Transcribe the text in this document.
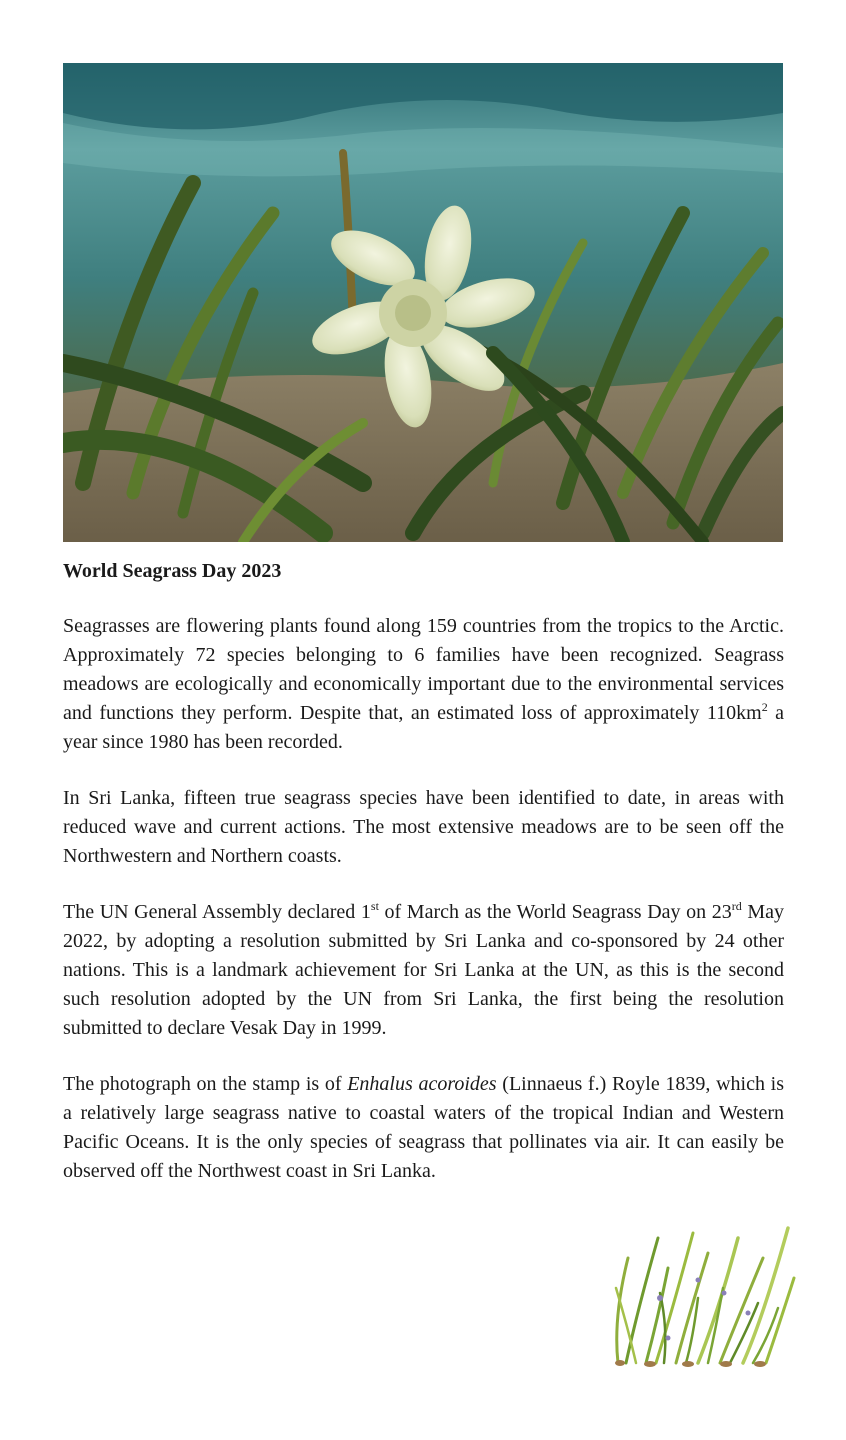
World Seagrass Day 2023

Seagrasses are flowering plants found along 159 countries from the tropics to the Arctic. Approximately 72 species belonging to 6 families have been recognized. Seagrass meadows are ecologically and economically important due to the environmental services and functions they perform. Despite that, an estimated loss of approximately $110km^2$ a year since 1980 has been recorded.

In Sri Lanka, fifteen true seagrass species have been identified to date, in areas with reduced wave and current actions. The most extensive meadows are to be seen off the Northwestern and Northern coasts.

The UN General Assembly declared 1st of March as the World Seagrass Day on 23rd May 2022, by adopting a resolution submitted by Sri Lanka and co-sponsored by 24 other nations. This is a landmark achievement for Sri Lanka at the UN, as this is the second such resolution adopted by the UN from Sri Lanka, the first being the resolution submitted to declare Vesak Day in 1999.

The photograph on the stamp is of Enhalus acoroides (Linnaeus f.) Royle 1839, which is a relatively large seagrass native to coastal waters of the tropical Indian and Western Pacific Oceans. It is the only species of seagrass that pollinates via air. It can easily be observed off the Northwest coast in Sri Lanka.
